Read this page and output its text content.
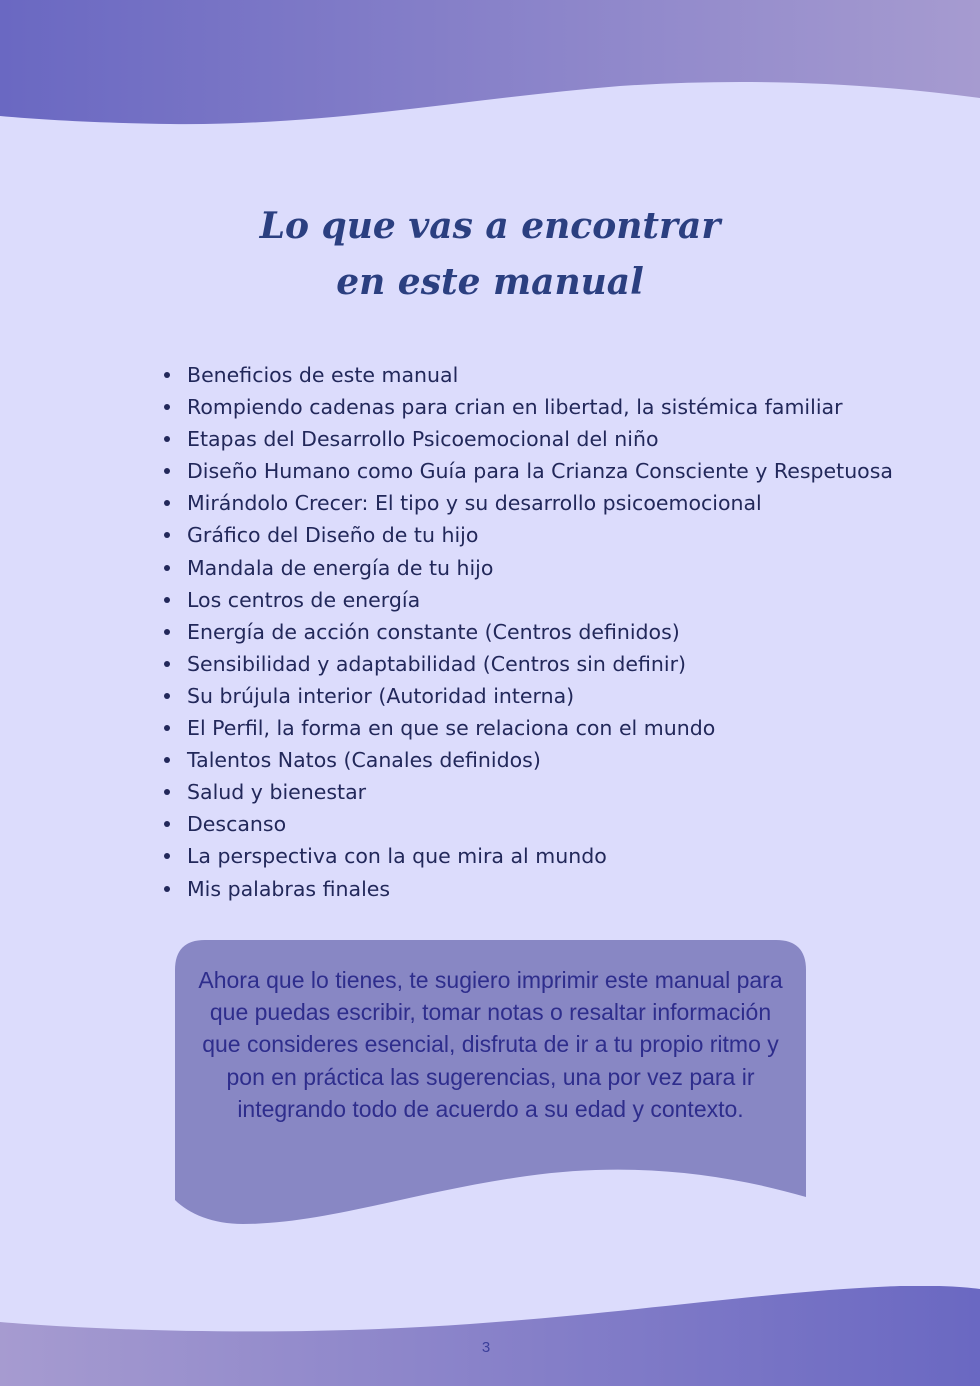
Lo que vas a encontrar
en este manual
Beneficios de este manual
Rompiendo cadenas para crian en libertad, la sistémica familiar
Etapas del Desarrollo Psicoemocional del niño
Diseño Humano como Guía para la Crianza Consciente y Respetuosa
Mirándolo Crecer: El tipo y su desarrollo psicoemocional
Gráfico del Diseño de tu hijo
Mandala de energía de tu hijo
Los centros de energía
Energía de acción constante (Centros definidos)
Sensibilidad y adaptabilidad (Centros sin definir)
Su brújula interior (Autoridad interna)
El Perfil, la forma en que se relaciona con el mundo
Talentos Natos (Canales definidos)
Salud y bienestar
Descanso
La perspectiva con la que mira al mundo
Mis palabras finales
Ahora que lo tienes, te sugiero imprimir este manual para que puedas escribir, tomar notas o resaltar información que consideres esencial, disfruta de ir a tu propio ritmo y pon en práctica las sugerencias, una por vez para ir integrando todo de acuerdo a su edad y contexto.
3
